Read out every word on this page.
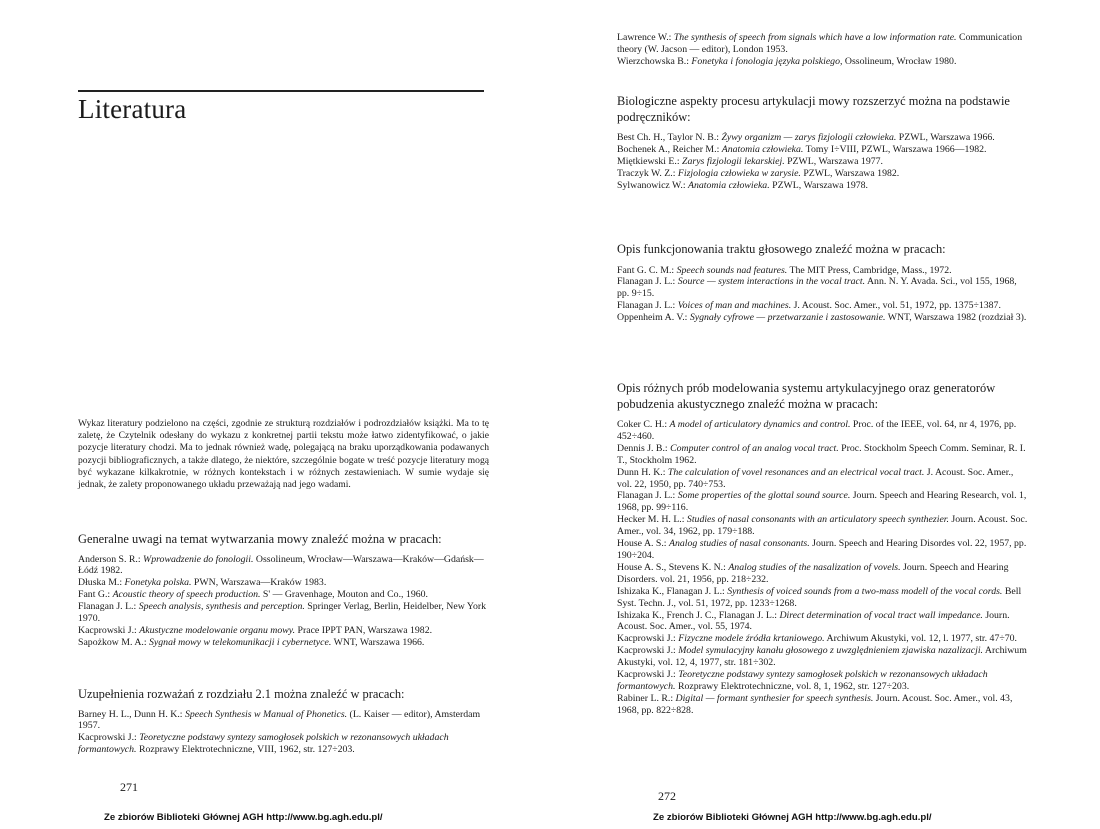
Literatura
Wykaz literatury podzielono na części, zgodnie ze strukturą rozdziałów i podrozdziałów książki. Ma to tę zaletę, że Czytelnik odesłany do wykazu z konkretnej partii tekstu może łatwo zidentyfikować, o jakie pozycje literatury chodzi. Ma to jednak również wadę, polegającą na braku uporządkowania podawanych pozycji bibliograficznych, a także dlatego, że niektóre, szczególnie bogate w treść pozycje literatury mogą być wykazane kilkakrotnie, w różnych kontekstach i w różnych zestawieniach. W sumie wydaje się jednak, że zalety proponowanego układu przeważają nad jego wadami.

Generalne uwagi na temat wytwarzania mowy znaleźć można w pracach:

Anderson S. R.: Wprowadzenie do fonologii. Ossolineum, Wrocław—Warszawa—Kraków—Gdańsk—Łódź 1982.

Dłuska M.: Fonetyka polska. PWN, Warszawa—Kraków 1983.

Fant G.: Acoustic theory of speech production. S' — Gravenhage, Mouton and Co., 1960.

Flanagan J. L.: Speech analysis, synthesis and perception. Springer Verlag, Berlin, Heidelber, New York 1970.

Kacprowski J.: Akustyczne modelowanie organu mowy. Prace IPPT PAN, Warszawa 1982.

Sapożkow M. A.: Sygnał mowy w telekomunikacji i cybernetyce. WNT, Warszawa 1966.

Uzupełnienia rozważań z rozdziału 2.1 można znaleźć w pracach:

Barney H. L., Dunn H. K.: Speech Synthesis w Manual of Phonetics. (L. Kaiser — editor), Amsterdam 1957.

Kacprowski J.: Teoretyczne podstawy syntezy samogłosek polskich w rezonansowych układach formantowych. Rozprawy Elektrotechniczne, VIII, 1962, str. 127÷203.

271
Ze zbiorów Biblioteki Głównej AGH http://www.bg.agh.edu.pl/

Lawrence W.: The synthesis of speech from signals which have a low information rate. Communication theory (W. Jacson — editor), London 1953.

Wierzchowska B.: Fonetyka i fonologia języka polskiego, Ossolineum, Wrocław 1980.

Biologiczne aspekty procesu artykulacji mowy rozszerzyć można na podstawie podręczników:

Best Ch. H., Taylor N. B.: Żywy organizm — zarys fizjologii człowieka. PZWL, Warszawa 1966.

Bochenek A., Reicher M.: Anatomia człowieka. Tomy I÷VIII, PZWL, Warszawa 1966—1982.

Miętkiewski E.: Zarys fizjologii lekarskiej. PZWL, Warszawa 1977.

Traczyk W. Z.: Fizjologia człowieka w zarysie. PZWL, Warszawa 1982.

Sylwanowicz W.: Anatomia człowieka. PZWL, Warszawa 1978.

Opis funkcjonowania traktu głosowego znaleźć można w pracach:

Fant G. C. M.: Speech sounds nad features. The MIT Press, Cambridge, Mass., 1972.

Flanagan J. L.: Source — system interactions in the vocal tract. Ann. N. Y. Avada. Sci., vol 155, 1968, pp. 9÷15.

Flanagan J. L.: Voices of man and machines. J. Acoust. Soc. Amer., vol. 51, 1972, pp. 1375÷1387.

Oppenheim A. V.: Sygnały cyfrowe — przetwarzanie i zastosowanie. WNT, Warszawa 1982 (rozdział 3).

Opis różnych prób modelowania systemu artykulacyjnego oraz generatorów pobudzenia akustycznego znaleźć można w pracach:

Coker C. H.: A model of articulatory dynamics and control. Proc. of the IEEE, vol. 64, nr 4, 1976, pp. 452÷460.

Dennis J. B.: Computer control of an analog vocal tract. Proc. Stockholm Speech Comm. Seminar, R. I. T., Stockholm 1962.

Dunn H. K.: The calculation of vovel resonances and an electrical vocal tract. J. Acoust. Soc. Amer., vol. 22, 1950, pp. 740÷753.

Flanagan J. L.: Some properties of the glottal sound source. Journ. Speech and Hearing Research, vol. 1, 1968, pp. 99÷116.

Hecker M. H. L.: Studies of nasal consonants with an articulatory speech synthezier. Journ. Acoust. Soc. Amer., vol. 34, 1962, pp. 179÷188.

House A. S.: Analog studies of nasal consonants. Journ. Speech and Hearing Disordes vol. 22, 1957, pp. 190÷204.

House A. S., Stevens K. N.: Analog studies of the nasalization of vovels. Journ. Speech and Hearing Disorders. vol. 21, 1956, pp. 218÷232.

Ishizaka K., Flanagan J. L.: Synthesis of voiced sounds from a two-mass modell of the vocal cords. Bell Syst. Techn. J., vol. 51, 1972, pp. 1233÷1268.

Ishizaka K., French J. C., Flanagan J. L.: Direct determination of vocal tract wall impedance. Journ. Acoust. Soc. Amer., vol. 55, 1974.

Kacprowski J.: Fizyczne modele źródła krtaniowego. Archiwum Akustyki, vol. 12, l. 1977, str. 47÷70.

Kacprowski J.: Model symulacyjny kanału głosowego z uwzględnieniem zjawiska nazalizacji. Archiwum Akustyki, vol. 12, 4, 1977, str. 181÷302.

Kacprowski J.: Teoretyczne podstawy syntezy samogłosek polskich w rezonansowych układach formantowych. Rozprawy Elektrotechniczne, vol. 8, 1, 1962, str. 127÷203.

Rabiner L. R.: Digital — formant synthesier for speech synthesis. Journ. Acoust. Soc. Amer., vol. 43, 1968, pp. 822÷828.

272
Ze zbiorów Biblioteki Głównej AGH http://www.bg.agh.edu.pl/
